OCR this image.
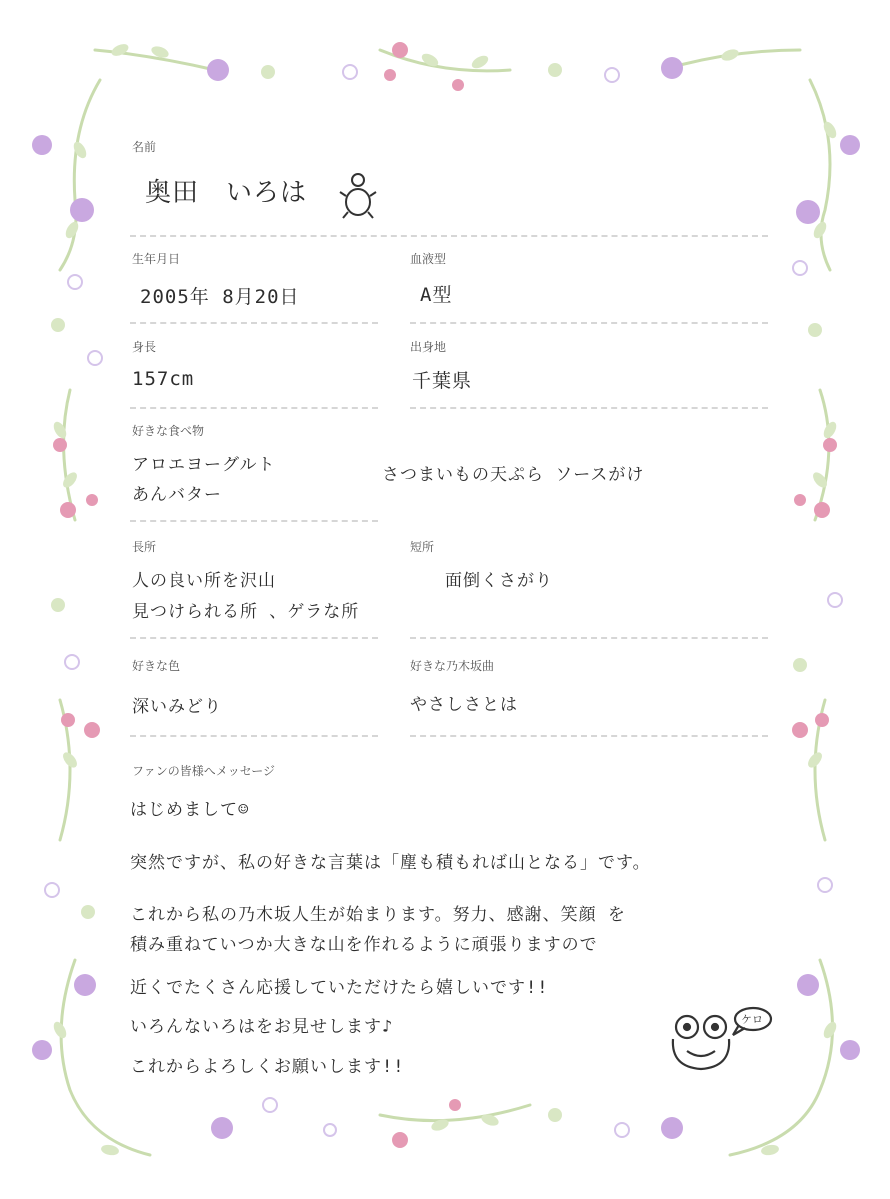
名前
奥田　いろは
生年月日
2005年 8月20日
血液型
A型
身長
157cm
出身地
千葉県
好きな食べ物
アロエヨーグルト
あんバター
さつまいもの天ぷら ソースがけ
長所
人の良い所を沢山
見つけられる所 、ゲラな所
短所
面倒くさがり
好きな色
深いみどり
好きな乃木坂曲
やさしさとは
ファンの皆様へメッセージ
はじめまして☺
突然ですが、私の好きな言葉は「塵も積もれば山となる」です。
これから私の乃木坂人生が始まります。努力、感謝、笑顔 を
積み重ねていつか大きな山を作れるように頑張りますので
近くでたくさん応援していただけたら嬉しいです!!
いろんないろはをお見せします♪
これからよろしくお願いします!!
ケロ
